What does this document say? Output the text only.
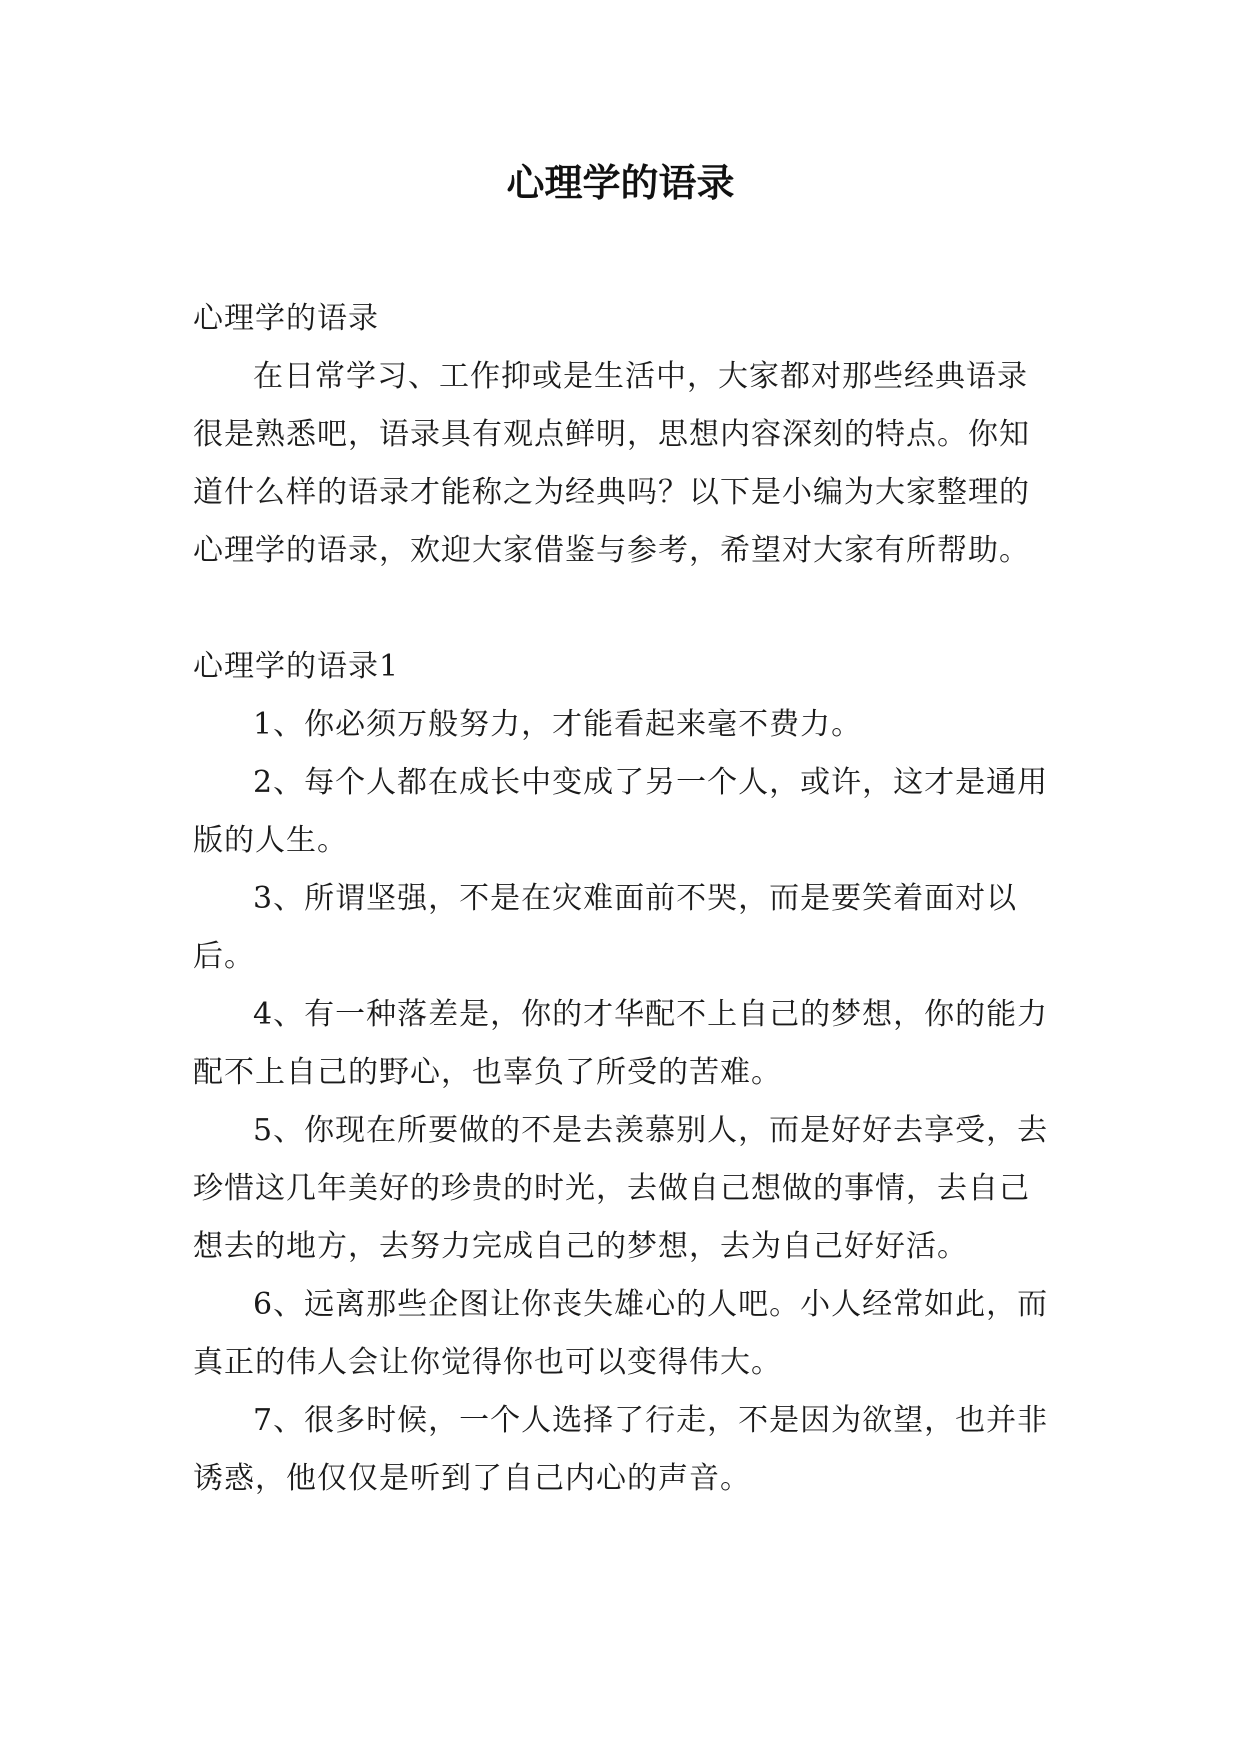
心理学的语录

心理学的语录

在日常学习、工作抑或是生活中，大家都对那些经典语录很是熟悉吧，语录具有观点鲜明，思想内容深刻的特点。你知道什么样的语录才能称之为经典吗？以下是小编为大家整理的心理学的语录，欢迎大家借鉴与参考，希望对大家有所帮助。

心理学的语录1

1、你必须万般努力，才能看起来毫不费力。

2、每个人都在成长中变成了另一个人，或许，这才是通用版的人生。

3、所谓坚强，不是在灾难面前不哭，而是要笑着面对以后。

4、有一种落差是，你的才华配不上自己的梦想，你的能力配不上自己的野心，也辜负了所受的苦难。

5、你现在所要做的不是去羡慕别人，而是好好去享受，去珍惜这几年美好的珍贵的时光，去做自己想做的事情，去自己想去的地方，去努力完成自己的梦想，去为自己好好活。

6、远离那些企图让你丧失雄心的人吧。小人经常如此，而真正的伟人会让你觉得你也可以变得伟大。

7、很多时候，一个人选择了行走，不是因为欲望，也并非诱惑，他仅仅是听到了自己内心的声音。
